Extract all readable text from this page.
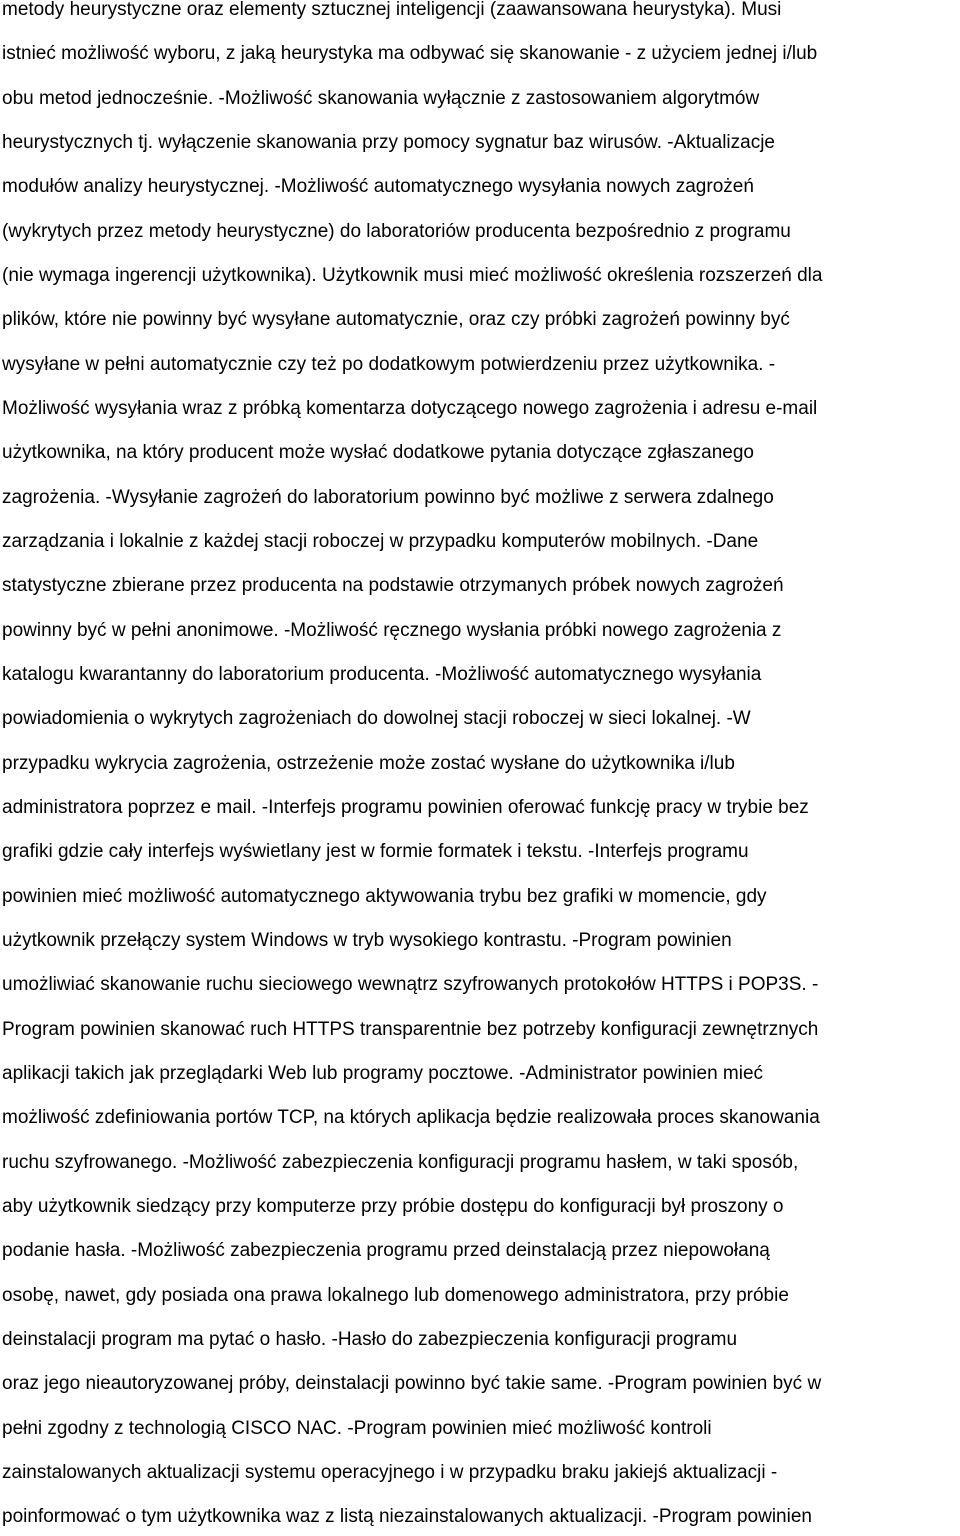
metody heurystyczne oraz elementy sztucznej inteligencji (zaawansowana heurystyka). Musi
istnieć możliwość wyboru, z jaką heurystyka ma odbywać się skanowanie - z użyciem jednej i/lub
obu metod jednocześnie. -Możliwość skanowania wyłącznie z zastosowaniem algorytmów
heurystycznych tj. wyłączenie skanowania przy pomocy sygnatur baz wirusów. -Aktualizacje
modułów analizy heurystycznej. -Możliwość automatycznego wysyłania nowych zagrożeń
(wykrytych przez metody heurystyczne) do laboratoriów producenta bezpośrednio z programu
(nie wymaga ingerencji użytkownika). Użytkownik musi mieć możliwość określenia rozszerzeń dla
plików, które nie powinny być wysyłane automatycznie, oraz czy próbki zagrożeń powinny być
wysyłane w pełni automatycznie czy też po dodatkowym potwierdzeniu przez użytkownika. -
Możliwość wysyłania wraz z próbką komentarza dotyczącego nowego zagrożenia i adresu e-mail
użytkownika, na który producent może wysłać dodatkowe pytania dotyczące zgłaszanego
zagrożenia. -Wysyłanie zagrożeń do laboratorium powinno być możliwe z serwera zdalnego
zarządzania i lokalnie z każdej stacji roboczej w przypadku komputerów mobilnych. -Dane
statystyczne zbierane przez producenta na podstawie otrzymanych próbek nowych zagrożeń
powinny być w pełni anonimowe. -Możliwość ręcznego wysłania próbki nowego zagrożenia z
katalogu kwarantanny do laboratorium producenta. -Możliwość automatycznego wysyłania
powiadomienia o wykrytych zagrożeniach do dowolnej stacji roboczej w sieci lokalnej. -W
przypadku wykrycia zagrożenia, ostrzeżenie może zostać wysłane do użytkownika i/lub
administratora poprzez e mail. -Interfejs programu powinien oferować funkcję pracy w trybie bez
grafiki gdzie cały interfejs wyświetlany jest w formie formatek i tekstu. -Interfejs programu
powinien mieć możliwość automatycznego aktywowania trybu bez grafiki w momencie, gdy
użytkownik przełączy system Windows w tryb wysokiego kontrastu. -Program powinien
umożliwiać skanowanie ruchu sieciowego wewnątrz szyfrowanych protokołów HTTPS i POP3S. -
Program powinien skanować ruch HTTPS transparentnie bez potrzeby konfiguracji zewnętrznych
aplikacji takich jak przeglądarki Web lub programy pocztowe. -Administrator powinien mieć
możliwość zdefiniowania portów TCP, na których aplikacja będzie realizowała proces skanowania
ruchu szyfrowanego. -Możliwość zabezpieczenia konfiguracji programu hasłem, w taki sposób,
aby użytkownik siedzący przy komputerze przy próbie dostępu do konfiguracji był proszony o
podanie hasła. -Możliwość zabezpieczenia programu przed deinstalacją przez niepowołaną
osobę, nawet, gdy posiada ona prawa lokalnego lub domenowego administratora, przy próbie
deinstalacji program ma pytać o hasło. -Hasło do zabezpieczenia konfiguracji programu
oraz jego nieautoryzowanej próby, deinstalacji powinno być takie same. -Program powinien być w
pełni zgodny z technologią CISCO NAC. -Program powinien mieć możliwość kontroli
zainstalowanych aktualizacji systemu operacyjnego i w przypadku braku jakiejś aktualizacji -
poinformować o tym użytkownika waz z listą niezainstalowanych aktualizacji. -Program powinien
